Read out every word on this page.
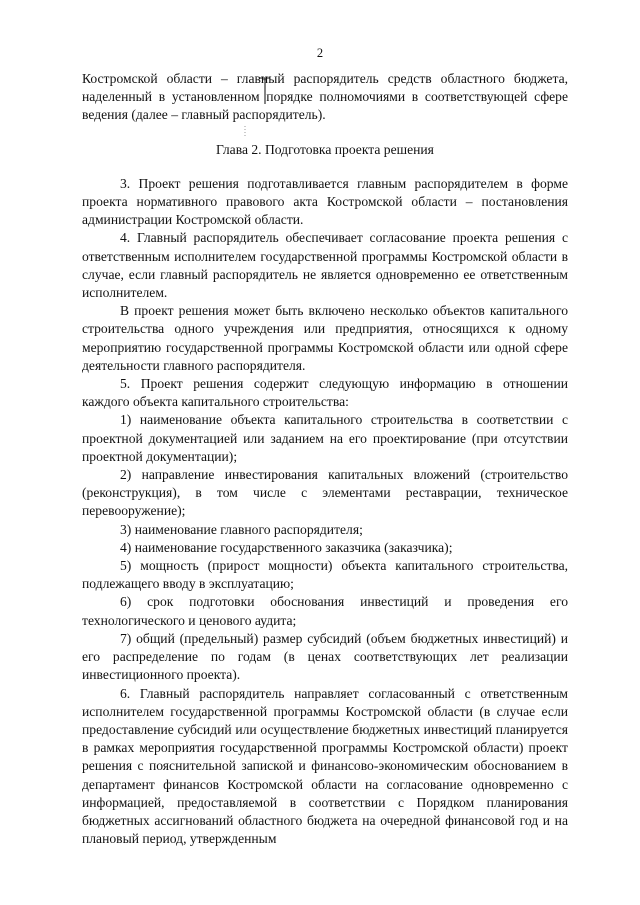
2

Костромской области – главный распорядитель средств областного бюджета, наделенный в установленном порядке полномочиями в соответствующей сфере ведения (далее – главный распорядитель).

Глава 2. Подготовка проекта решения

3. Проект решения подготавливается главным распорядителем в форме проекта нормативного правового акта Костромской области – постановления администрации Костромской области.

4. Главный распорядитель обеспечивает согласование проекта решения с ответственным исполнителем государственной программы Костромской области в случае, если главный распорядитель не является одновременно ее ответственным исполнителем.

В проект решения может быть включено несколько объектов капитального строительства одного учреждения или предприятия, относящихся к одному мероприятию государственной программы Костромской области или одной сфере деятельности главного распорядителя.

5. Проект решения содержит следующую информацию в отношении каждого объекта капитального строительства:

1) наименование объекта капитального строительства в соответствии с проектной документацией или заданием на его проектирование (при отсутствии проектной документации);

2) направление инвестирования капитальных вложений (строительство (реконструкция), в том числе с элементами реставрации, техническое перевооружение);

3) наименование главного распорядителя;

4) наименование государственного заказчика (заказчика);

5) мощность (прирост мощности) объекта капитального строительства, подлежащего вводу в эксплуатацию;

6) срок подготовки обоснования инвестиций и проведения его технологического и ценового аудита;

7) общий (предельный) размер субсидий (объем бюджетных инвестиций) и его распределение по годам (в ценах соответствующих лет реализации инвестиционного проекта).

6. Главный распорядитель направляет согласованный с ответственным исполнителем государственной программы Костромской области (в случае если предоставление субсидий или осуществление бюджетных инвестиций планируется в рамках мероприятия государственной программы Костромской области) проект решения с пояснительной запиской и финансово-экономическим обоснованием в департамент финансов Костромской области на согласование одновременно с информацией, предоставляемой в соответствии с Порядком планирования бюджетных ассигнований областного бюджета на очередной финансовой год и на плановый период, утвержденным
